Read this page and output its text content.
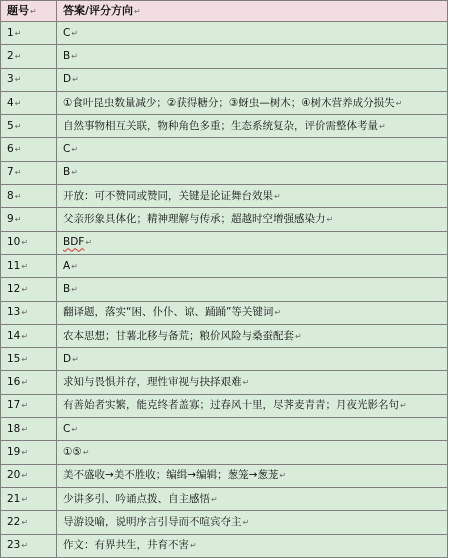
题号↵	答案/评分方向↵
1↵	C↵
2↵	B↵
3↵	D↵
4↵	①食叶昆虫数量减少；②获得糖分；③蚜虫—树木；④树木营养成分损失↵
5↵	自然事物相互关联，物种角色多重；生态系统复杂，评价需整体考量↵
6↵	C↵
7↵	B↵
8↵	开放：可不赞同或赞同，关键是论证舞台效果↵
9↵	父亲形象具体化；精神理解与传承；超越时空增强感染力↵
10↵	BDF↵
11↵	A↵
12↵	B↵
13↵	翻译题，落实“困、仆仆、谅、踊踊”等关键词↵
14↵	农本思想；甘薯北移与备荒；粮价风险与桑蚕配套↵
15↵	D↵
16↵	求知与畏惧并存，理性审视与抉择艰难↵
17↵	有善始者实繁，能克终者盖寡；过春风十里，尽荠麦青青；月夜光影名句↵
18↵	C↵
19↵	①⑤↵
20↵	美不盛收→美不胜收；编缉→编辑；葱笼→葱茏↵
21↵	少讲多引、吟诵点拨、自主感悟↵
22↵	导游设喻，说明序言引导而不喧宾夺主↵
23↵	作文：有界共生，井育不害↵
